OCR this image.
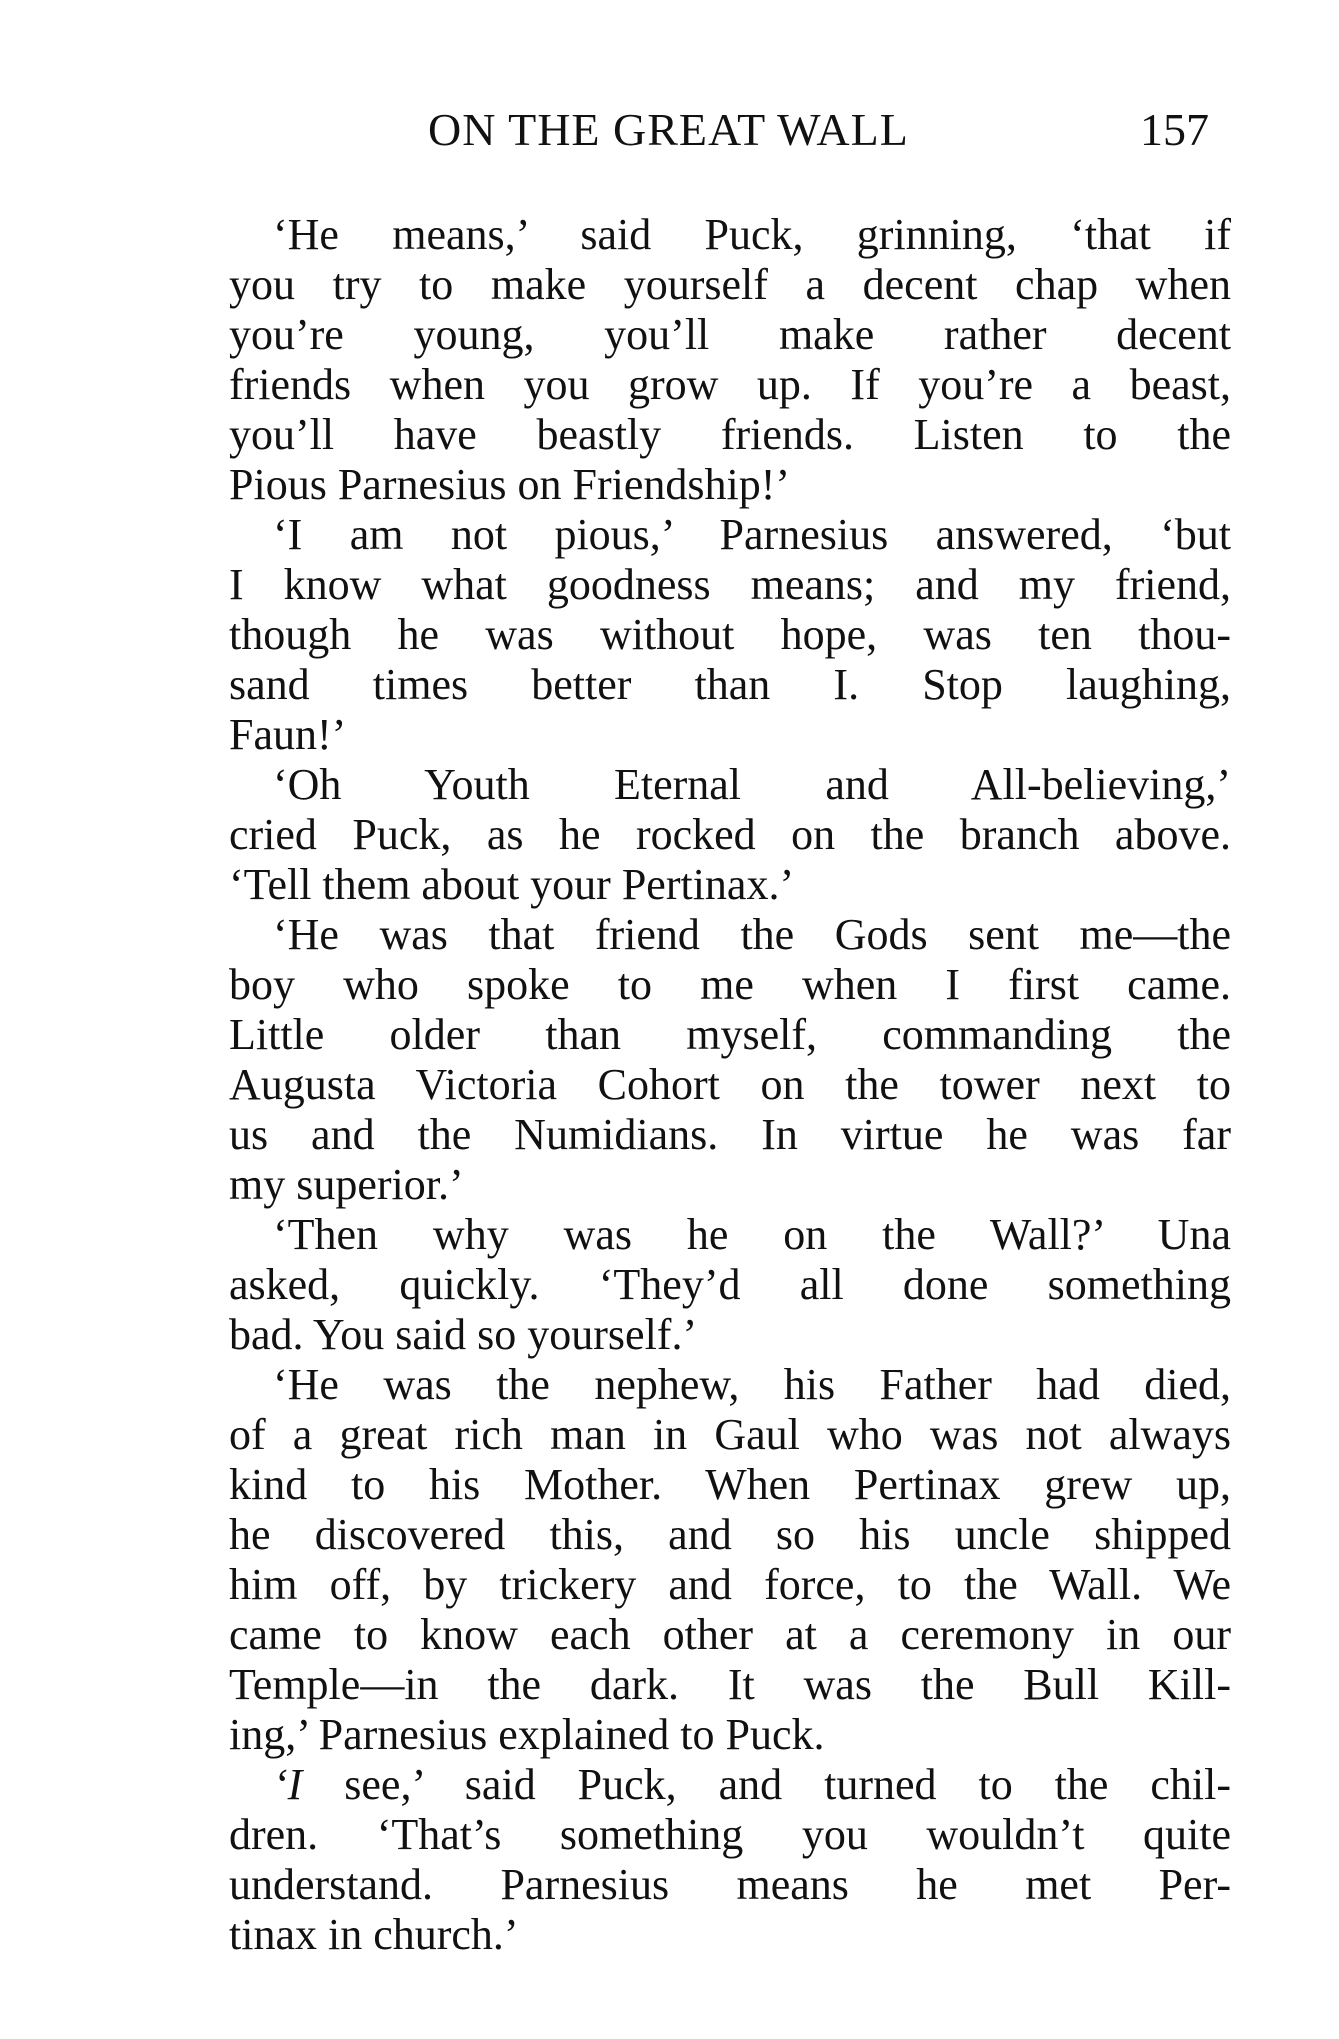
ON THE GREAT WALL	157
‘He means,’ said Puck, grinning, ‘that if
you try to make yourself a decent chap when
you’re young, you’ll make rather decent
friends when you grow up. If you’re a beast,
you’ll have beastly friends. Listen to the
Pious Parnesius on Friendship!’
‘I am not pious,’ Parnesius answered, ‘but
I know what goodness means; and my friend,
though he was without hope, was ten thou-
sand times better than I. Stop laughing,
Faun!’
‘Oh Youth Eternal and All-believing,’
cried Puck, as he rocked on the branch above.
‘Tell them about your Pertinax.’
‘He was that friend the Gods sent me—the
boy who spoke to me when I first came.
Little older than myself, commanding the
Augusta Victoria Cohort on the tower next to
us and the Numidians. In virtue he was far
my superior.’
‘Then why was he on the Wall?’ Una
asked, quickly. ‘They’d all done something
bad. You said so yourself.’
‘He was the nephew, his Father had died,
of a great rich man in Gaul who was not always
kind to his Mother. When Pertinax grew up,
he discovered this, and so his uncle shipped
him off, by trickery and force, to the Wall. We
came to know each other at a ceremony in our
Temple—in the dark. It was the Bull Kill-
ing,’ Parnesius explained to Puck.
‘I see,’ said Puck, and turned to the chil-
dren. ‘That’s something you wouldn’t quite
understand. Parnesius means he met Per-
tinax in church.’
